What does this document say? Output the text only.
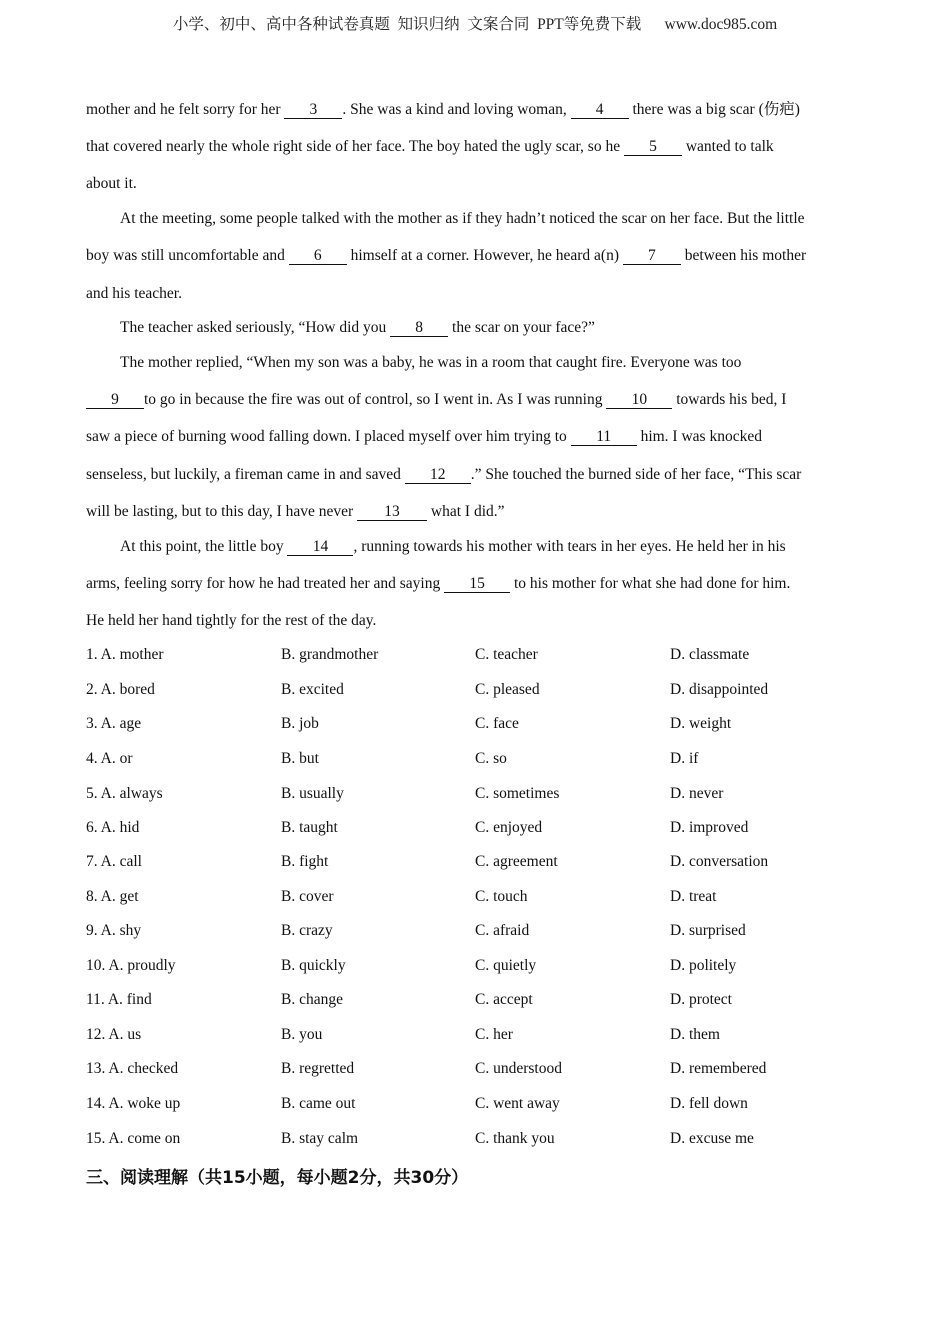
小学、初中、高中各种试卷真题  知识归纳  文案合同  PPT等免费下载 www.doc985.com
mother and he felt sorry for her 3 . She was a kind and loving woman, 4 there was a big scar (伤疤)
that covered nearly the whole right side of her face. The boy hated the ugly scar, so he 5 wanted to talk
about it.
At the meeting, some people talked with the mother as if they hadn’t noticed the scar on her face. But the little
boy was still uncomfortable and 6 himself at a corner. However, he heard a(n) 7 between his mother
and his teacher.
The teacher asked seriously, “How did you 8 the scar on your face?”
The mother replied, “When my son was a baby, he was in a room that caught fire. Everyone was too
9 to go in because the fire was out of control, so I went in. As I was running 10 towards his bed, I
saw a piece of burning wood falling down. I placed myself over him trying to 11 him. I was knocked
senseless, but luckily, a fireman came in and saved 12 .” She touched the burned side of her face, “This scar
will be lasting, but to this day, I have never 13 what I did.”
At this point, the little boy 14 , running towards his mother with tears in her eyes. He held her in his
arms, feeling sorry for how he had treated her and saying 15 to his mother for what she had done for him.
He held her hand tightly for the rest of the day.
1. A. mother	B. grandmother	C. teacher	D. classmate
2. A. bored	B. excited	C. pleased	D. disappointed
3. A. age	B. job	C. face	D. weight
4. A. or	B. but	C. so	D. if
5. A. always	B. usually	C. sometimes	D. never
6. A. hid	B. taught	C. enjoyed	D. improved
7. A. call	B. fight	C. agreement	D. conversation
8. A. get	B. cover	C. touch	D. treat
9. A. shy	B. crazy	C. afraid	D. surprised
10. A. proudly	B. quickly	C. quietly	D. politely
11. A. find	B. change	C. accept	D. protect
12. A. us	B. you	C. her	D. them
13. A. checked	B. regretted	C. understood	D. remembered
14. A. woke up	B. came out	C. went away	D. fell down
15. A. come on	B. stay calm	C. thank you	D. excuse me
三、阅读理解（共15小题，每小题2分，共30分）
